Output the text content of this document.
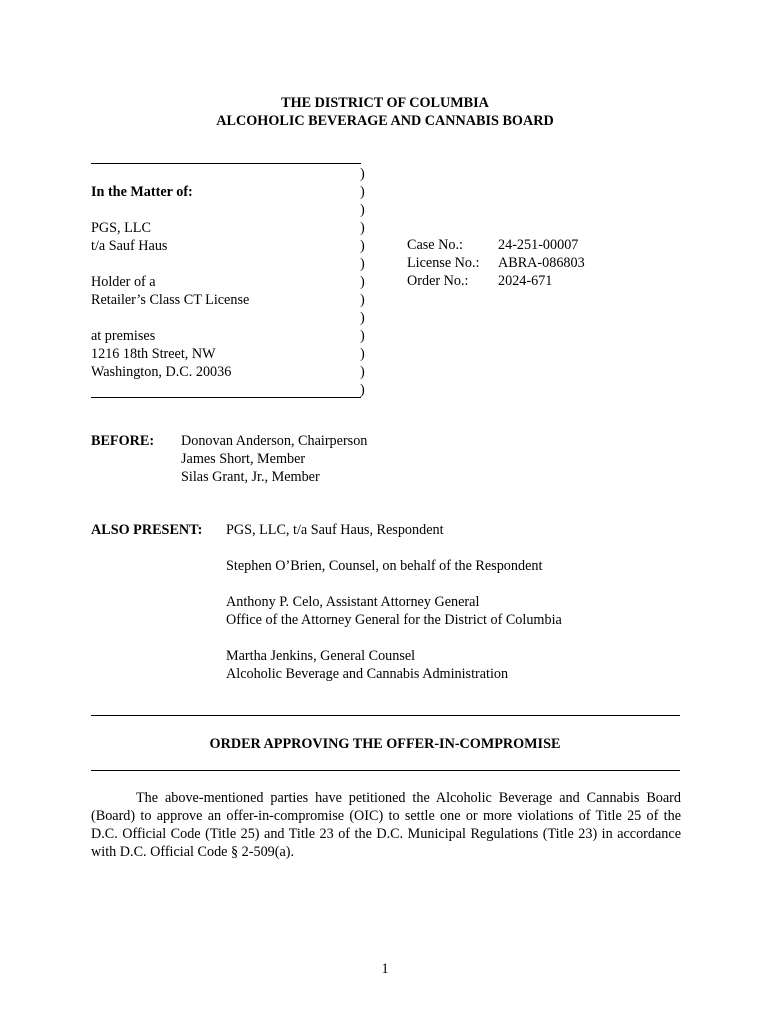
THE DISTRICT OF COLUMBIA
ALCOHOLIC BEVERAGE AND CANNABIS BOARD
In the Matter of:
PGS, LLC
t/a Sauf Haus
Holder of a
Retailer’s Class CT License
at premises
1216 18th Street, NW
Washington, D.C. 20036
)
)
)
)
)
)
)
)
)
)
)
)
)
Case No.:	24-251-00007
License No.:	ABRA-086803
Order No.:	2024-671
BEFORE: Donovan Anderson, Chairperson
James Short, Member
Silas Grant, Jr., Member
ALSO PRESENT: PGS, LLC, t/a Sauf Haus, Respondent
Stephen O’Brien, Counsel, on behalf of the Respondent
Anthony P. Celo, Assistant Attorney General
Office of the Attorney General for the District of Columbia
Martha Jenkins, General Counsel
Alcoholic Beverage and Cannabis Administration
ORDER APPROVING THE OFFER-IN-COMPROMISE
The above-mentioned parties have petitioned the Alcoholic Beverage and Cannabis Board (Board) to approve an offer-in-compromise (OIC) to settle one or more violations of Title 25 of the D.C. Official Code (Title 25) and Title 23 of the D.C. Municipal Regulations (Title 23) in accordance with D.C. Official Code § 2-509(a).
1
